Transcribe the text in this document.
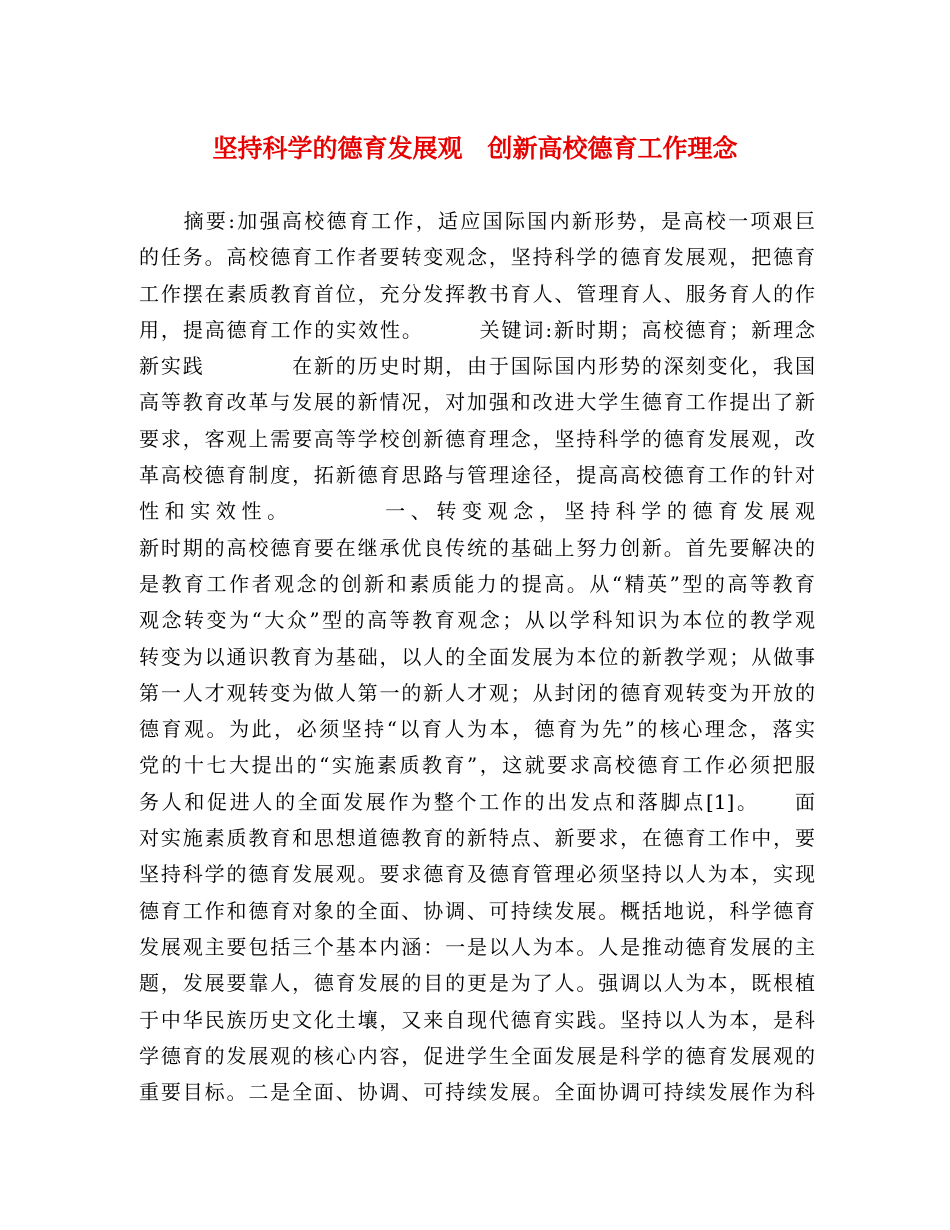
坚持科学的德育发展观　创新高校德育工作理念
　　摘要:加强高校德育工作，适应国际国内新形势，是高校一项艰巨
的任务。高校德育工作者要转变观念，坚持科学的德育发展观，把德育
工作摆在素质教育首位，充分发挥教书育人、管理育人、服务育人的作
用，提高德育工作的实效性。　　　关键词:新时期；高校德育；新理念
新实践　　　　在新的历史时期，由于国际国内形势的深刻变化，我国
高等教育改革与发展的新情况，对加强和改进大学生德育工作提出了新
要求，客观上需要高等学校创新德育理念，坚持科学的德育发展观，改
革高校德育制度，拓新德育思路与管理途径，提高高校德育工作的针对
性和实效性。　　　　一、转变观念，坚持科学的德育发展观
新时期的高校德育要在继承优良传统的基础上努力创新。首先要解决的
是教育工作者观念的创新和素质能力的提高。从“精英”型的高等教育
观念转变为“大众”型的高等教育观念；从以学科知识为本位的教学观
转变为以通识教育为基础，以人的全面发展为本位的新教学观；从做事
第一人才观转变为做人第一的新人才观；从封闭的德育观转变为开放的
德育观。为此，必须坚持“以育人为本，德育为先”的核心理念，落实
党的十七大提出的“实施素质教育”，这就要求高校德育工作必须把服
务人和促进人的全面发展作为整个工作的出发点和落脚点[1]。　　面
对实施素质教育和思想道德教育的新特点、新要求，在德育工作中，要
坚持科学的德育发展观。要求德育及德育管理必须坚持以人为本，实现
德育工作和德育对象的全面、协调、可持续发展。概括地说，科学德育
发展观主要包括三个基本内涵：一是以人为本。人是推动德育发展的主
题，发展要靠人，德育发展的目的更是为了人。强调以人为本，既根植
于中华民族历史文化土壤，又来自现代德育实践。坚持以人为本，是科
学德育的发展观的核心内容，促进学生全面发展是科学的德育发展观的
重要目标。二是全面、协调、可持续发展。全面协调可持续发展作为科
